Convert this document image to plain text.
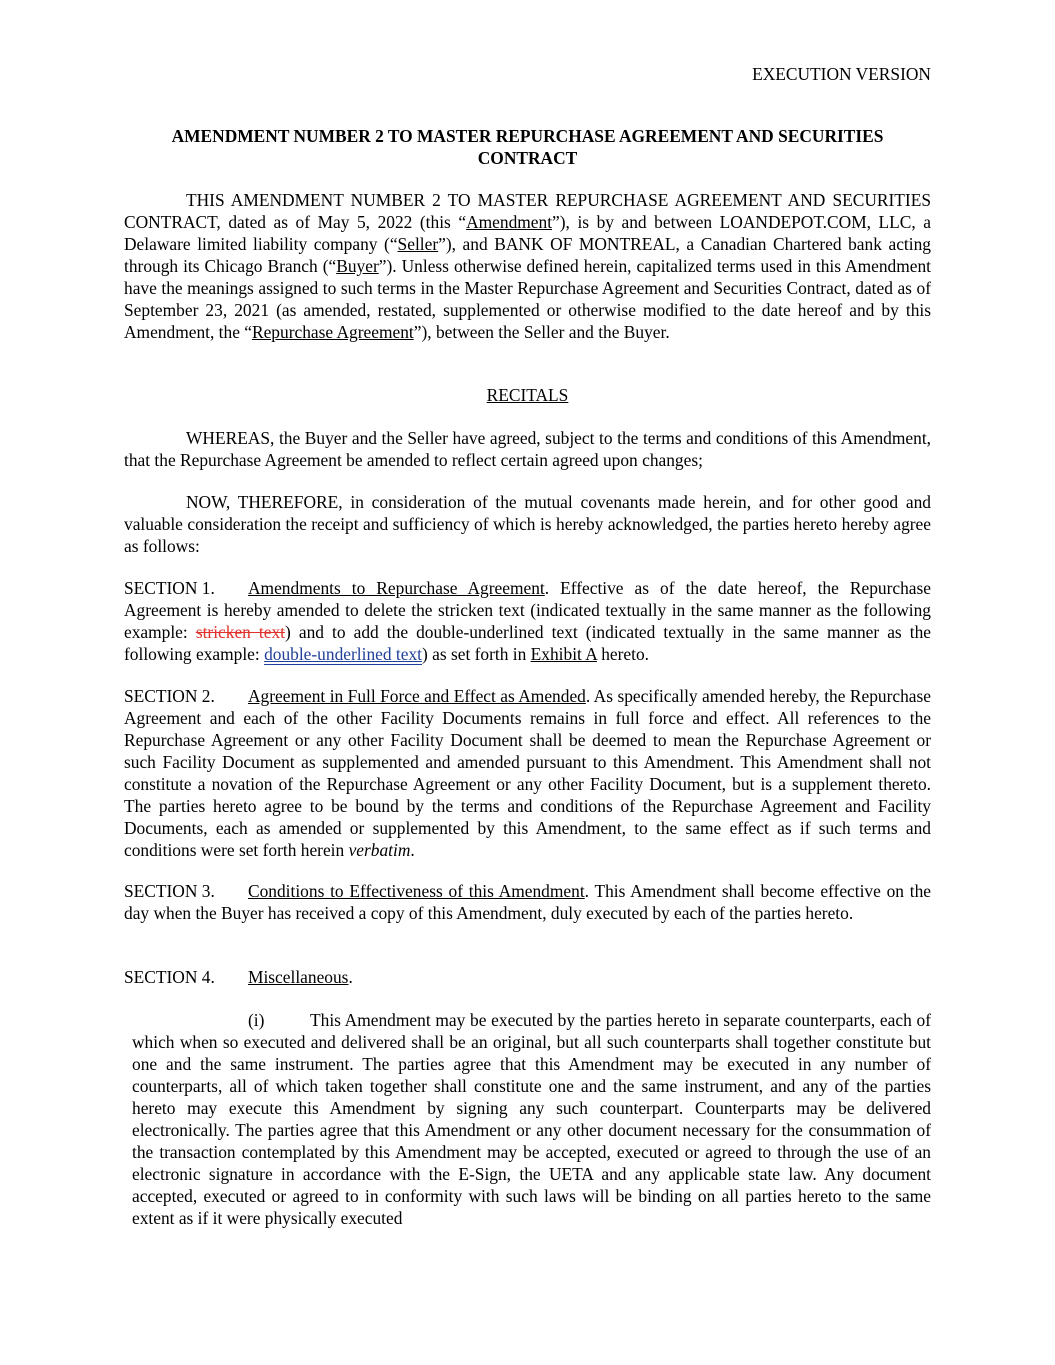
EXECUTION VERSION
AMENDMENT NUMBER 2 TO MASTER REPURCHASE AGREEMENT AND SECURITIES
CONTRACT

THIS AMENDMENT NUMBER 2 TO MASTER REPURCHASE AGREEMENT AND SECURITIES CONTRACT, dated as of May 5, 2022 (this “Amendment”), is by and between LOANDEPOT.COM, LLC, a Delaware limited liability company (“Seller”), and BANK OF MONTREAL, a Canadian Chartered bank acting through its Chicago Branch (“Buyer”). Unless otherwise defined herein, capitalized terms used in this Amendment have the meanings assigned to such terms in the Master Repurchase Agreement and Securities Contract, dated as of September 23, 2021 (as amended, restated, supplemented or otherwise modified to the date hereof and by this Amendment, the “Repurchase Agreement”), between the Seller and the Buyer.

RECITALS

WHEREAS, the Buyer and the Seller have agreed, subject to the terms and conditions of this Amendment, that the Repurchase Agreement be amended to reflect certain agreed upon changes;

NOW, THEREFORE, in consideration of the mutual covenants made herein, and for other good and valuable consideration the receipt and sufficiency of which is hereby acknowledged, the parties hereto hereby agree as follows:

SECTION 1. Amendments to Repurchase Agreement. Effective as of the date hereof, the Repurchase Agreement is hereby amended to delete the stricken text (indicated textually in the same manner as the following example: stricken text) and to add the double-underlined text (indicated textually in the same manner as the following example: double-underlined text) as set forth in Exhibit A hereto.

SECTION 2. Agreement in Full Force and Effect as Amended. As specifically amended hereby, the Repurchase Agreement and each of the other Facility Documents remains in full force and effect. All references to the Repurchase Agreement or any other Facility Document shall be deemed to mean the Repurchase Agreement or such Facility Document as supplemented and amended pursuant to this Amendment. This Amendment shall not constitute a novation of the Repurchase Agreement or any other Facility Document, but is a supplement thereto. The parties hereto agree to be bound by the terms and conditions of the Repurchase Agreement and Facility Documents, each as amended or supplemented by this Amendment, to the same effect as if such terms and conditions were set forth herein verbatim.

SECTION 3. Conditions to Effectiveness of this Amendment. This Amendment shall become effective on the day when the Buyer has received a copy of this Amendment, duly executed by each of the parties hereto.

SECTION 4. Miscellaneous.

(i)	This Amendment may be executed by the parties hereto in separate counterparts, each of which when so executed and delivered shall be an original, but all such counterparts shall together constitute but one and the same instrument. The parties agree that this Amendment may be executed in any number of counterparts, all of which taken together shall constitute one and the same instrument, and any of the parties hereto may execute this Amendment by signing any such counterpart. Counterparts may be delivered electronically. The parties agree that this Amendment or any other document necessary for the consummation of the transaction contemplated by this Amendment may be accepted, executed or agreed to through the use of an electronic signature in accordance with the E-Sign, the UETA and any applicable state law. Any document accepted, executed or agreed to in conformity with such laws will be binding on all parties hereto to the same extent as if it were physically executed
